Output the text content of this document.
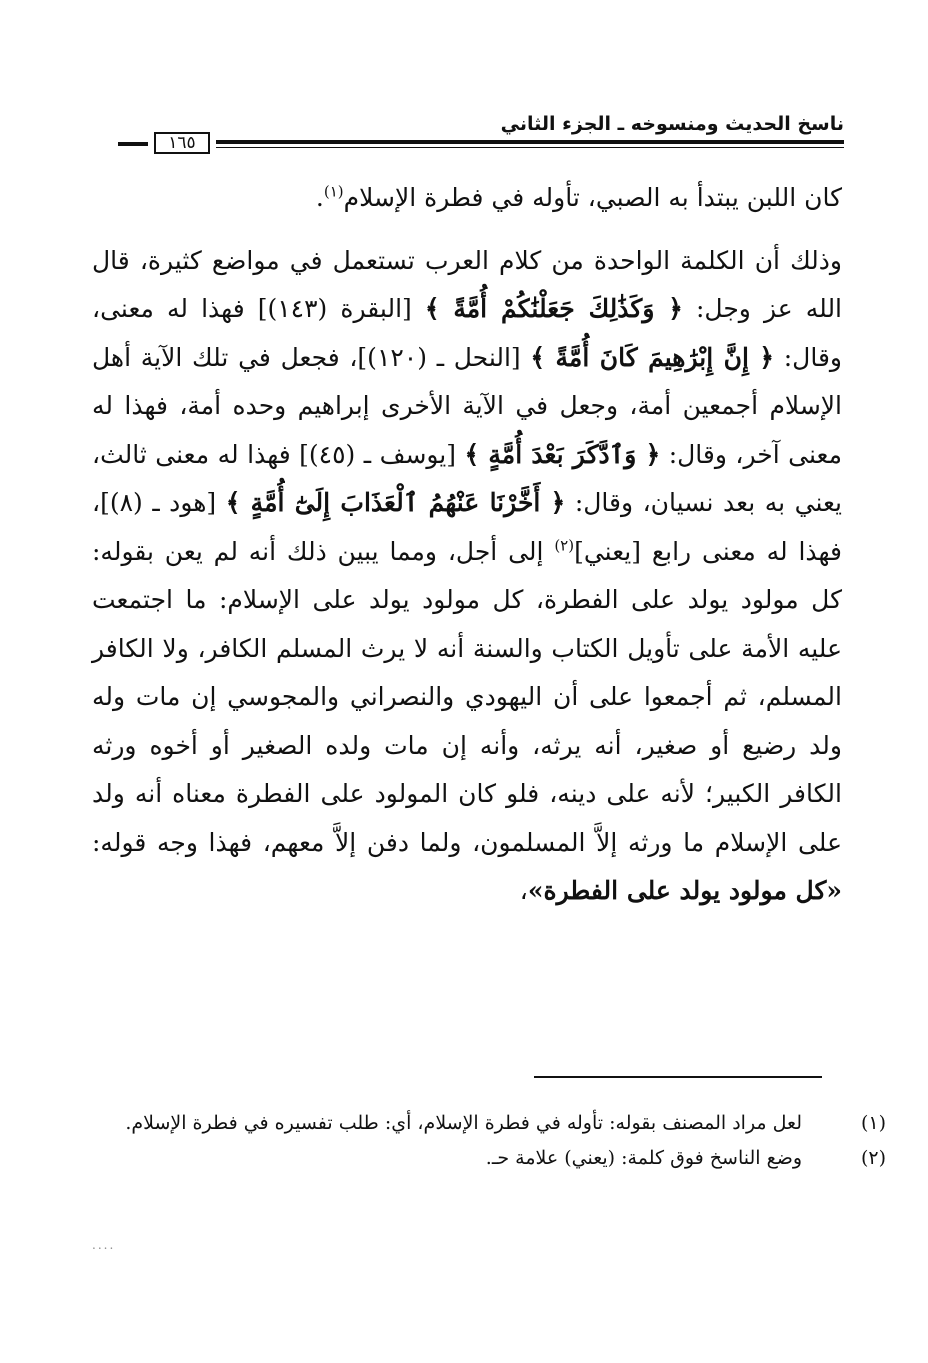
ناسخ الحديث ومنسوخه ـ الجزء الثاني
١٦٥

كان اللبن يبتدأ به الصبي، تأوله في فطرة الإسلام$^{(١)}$.

وذلك أن الكلمة الواحدة من كلام العرب تستعمل في مواضع كثيرة، قال الله عز وجل: ﴿ وَكَذَٰلِكَ جَعَلْنَٰكُمْ أُمَّةً ﴾ [البقرة (١٤٣)] فهذا له معنى، وقال: ﴿ إِنَّ إِبْرَٰهِيمَ كَانَ أُمَّةً ﴾ [النحل ـ (١٢٠)]، فجعل في تلك الآية أهل الإسلام أجمعين أمة، وجعل في الآية الأخرى إبراهيم وحده أمة، فهذا له معنى آخر، وقال: ﴿ وَٱدَّكَرَ بَعْدَ أُمَّةٍ ﴾ [يوسف ـ (٤٥)] فهذا له معنى ثالث، يعني به بعد نسيان، وقال: ﴿ أَخَّرْنَا عَنْهُمُ ٱلْعَذَابَ إِلَىٰٓ أُمَّةٍ ﴾ [هود ـ (٨)]، فهذا له معنى رابع [يعني]$^{(٢)}$ إلى أجل، ومما يبين ذلك أنه لم يعن بقوله: كل مولود يولد على الفطرة، كل مولود يولد على الإسلام: ما اجتمعت عليه الأمة على تأويل الكتاب والسنة أنه لا يرث المسلم الكافر، ولا الكافر المسلم، ثم أجمعوا على أن اليهودي والنصراني والمجوسي إن مات وله ولد رضيع أو صغير، أنه يرثه، وأنه إن مات ولده الصغير أو أخوه ورثه الكافر الكبير؛ لأنه على دينه، فلو كان المولود على الفطرة معناه أنه ولد على الإسلام ما ورثه إلاَّ المسلمون، ولما دفن إلاَّ معهم، فهذا وجه قوله: «كل مولود يولد على الفطرة»،

(١)لعل مراد المصنف بقوله: تأوله في فطرة الإسلام، أي: طلب تفسيره في فطرة الإسلام.

(٢)وضع الناسخ فوق كلمة: (يعني) علامة حـ.

....
